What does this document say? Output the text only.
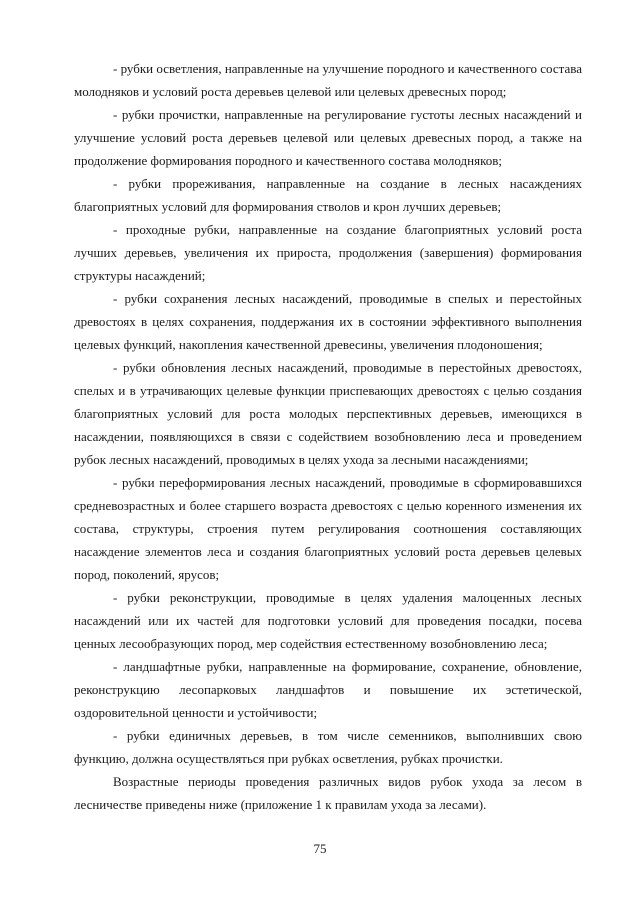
- рубки осветления, направленные на улучшение породного и качественного состава молодняков и условий роста деревьев целевой или целевых древесных пород;

- рубки прочистки, направленные на регулирование густоты лесных насаждений и улучшение условий роста деревьев целевой или целевых древесных пород, а также на продолжение формирования породного и качественного состава молодняков;

- рубки прореживания, направленные на создание в лесных насаждениях благоприятных условий для формирования стволов и крон лучших деревьев;

- проходные рубки, направленные на создание благоприятных условий роста лучших деревьев, увеличения их прироста, продолжения (завершения) формирования структуры насаждений;

- рубки сохранения лесных насаждений, проводимые в спелых и перестойных древостоях в целях сохранения, поддержания их в состоянии эффективного выполнения целевых функций, накопления качественной древесины, увеличения плодоношения;

- рубки обновления лесных насаждений, проводимые в перестойных древостоях, спелых и в утрачивающих целевые функции приспевающих древостоях с целью создания благоприятных условий для роста молодых перспективных деревьев, имеющихся в насаждении, появляющихся в связи с содействием возобновлению леса и проведением рубок лесных насаждений, проводимых в целях ухода за лесными насаждениями;

- рубки переформирования лесных насаждений, проводимые в сформировавшихся средневозрастных и более старшего возраста древостоях с целью коренного изменения их состава, структуры, строения путем регулирования соотношения составляющих насаждение элементов леса и создания благоприятных условий роста деревьев целевых пород, поколений, ярусов;

- рубки реконструкции, проводимые в целях удаления малоценных лесных насаждений или их частей для подготовки условий для проведения посадки, посева ценных лесообразующих пород, мер содействия естественному возобновлению леса;

- ландшафтные рубки, направленные на формирование, сохранение, обновление, реконструкцию лесопарковых ландшафтов и повышение их эстетической, оздоровительной ценности и устойчивости;

- рубки единичных деревьев, в том числе семенников, выполнивших свою функцию, должна осуществляться при рубках осветления, рубках прочистки.

Возрастные периоды проведения различных видов рубок ухода за лесом в лесничестве приведены ниже (приложение 1 к правилам ухода за лесами).

75
